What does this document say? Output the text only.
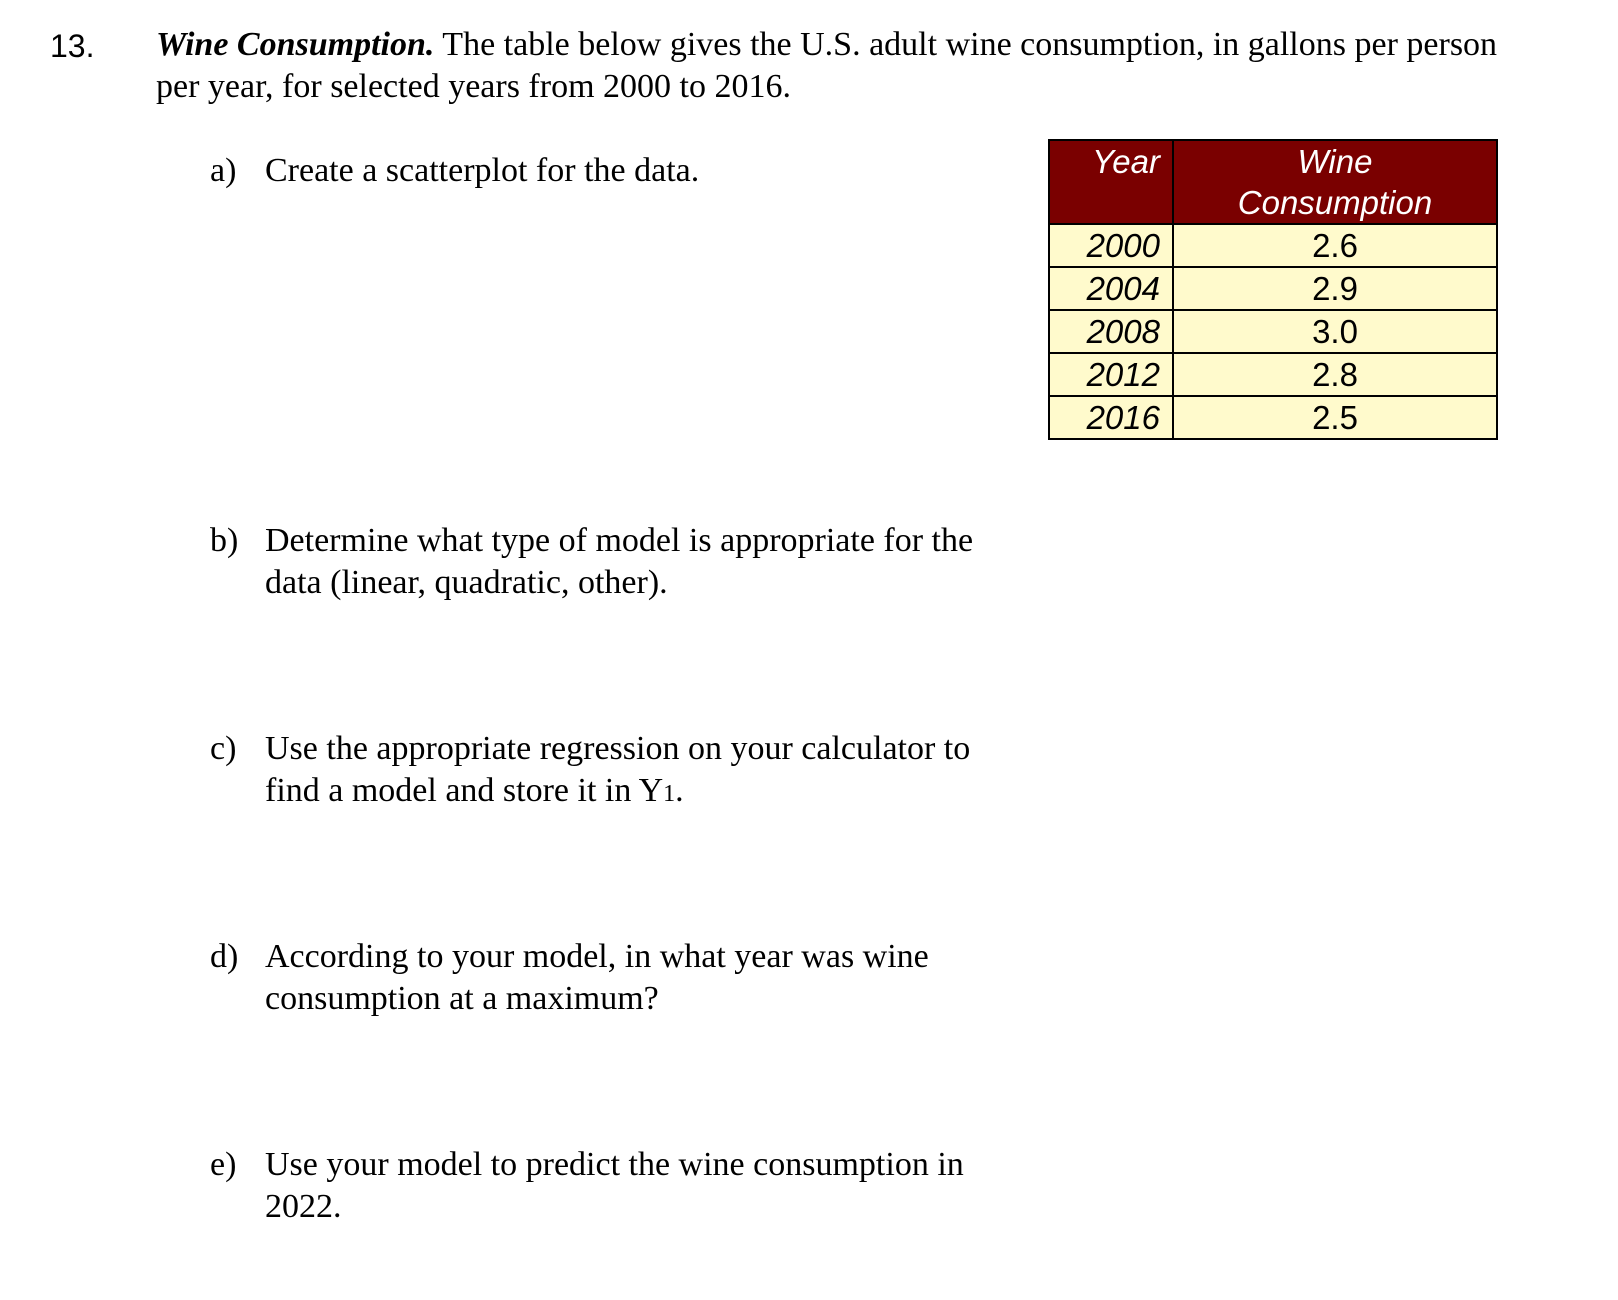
13. Wine Consumption. The table below gives the U.S. adult wine consumption, in gallons per person per year, for selected years from 2000 to 2016.
a) Create a scatterplot for the data.
b) Determine what type of model is appropriate for the data (linear, quadratic, other).
c) Use the appropriate regression on your calculator to find a model and store it in Y1.
d) According to your model, in what year was wine consumption at a maximum?
e) Use your model to predict the wine consumption in 2022.
Year	Wine
Consumption
2000	2.6
2004	2.9
2008	3.0
2012	2.8
2016	2.5
